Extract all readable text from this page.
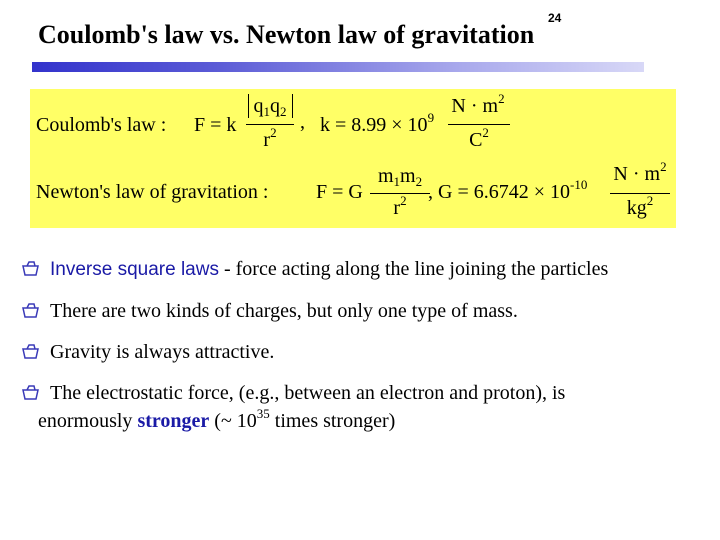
24
Coulomb's law vs. Newton law of gravitation
Coulomb's law : F = k
$q_1q_2$
$r^2$	, $k = 8.99 \times 10^9$
$N \cdot m^2$
$C^2$
Newton's law of gravitation : F = G
$m_1m_2$
$r^2$	, $G = 6.6742 \times 10^{-10}$ $N \cdot m^2$
$kg^2$
Inverse square laws - force acting along the line joining the particles
There are two kinds of charges, but only one type of mass.
Gravity is always attractive.
The electrostatic force, (e.g., between an electron and proton), is
enormously stronger (~ $10^{35}$ times stronger)
